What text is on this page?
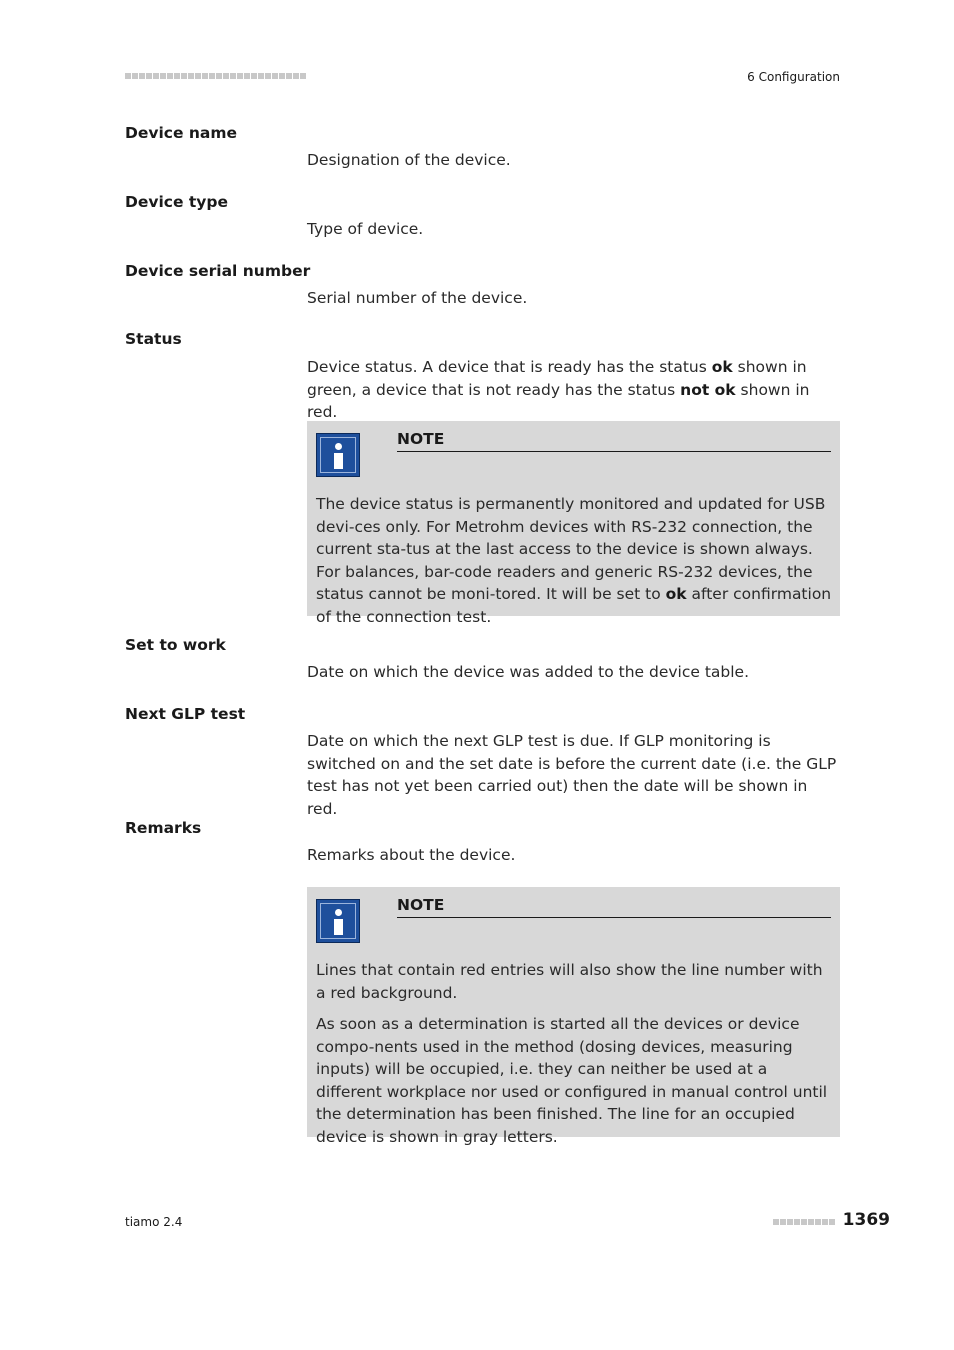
6 Configuration
Device name
Designation of the device.
Device type
Type of device.
Device serial number
Serial number of the device.
Status
Device status. A device that is ready has the status ok shown in green, a device that is not ready has the status not ok shown in red.
NOTE
The device status is permanently monitored and updated for USB devi-ces only. For Metrohm devices with RS-232 connection, the current sta-tus at the last access to the device is shown always. For balances, bar-code readers and generic RS-232 devices, the status cannot be moni-tored. It will be set to ok after confirmation of the connection test.
Set to work
Date on which the device was added to the device table.
Next GLP test
Date on which the next GLP test is due. If GLP monitoring is switched on and the set date is before the current date (i.e. the GLP test has not yet been carried out) then the date will be shown in red.
Remarks
Remarks about the device.
NOTE

Lines that contain red entries will also show the line number with a red background.

As soon as a determination is started all the devices or device compo-nents used in the method (dosing devices, measuring inputs) will be occupied, i.e. they can neither be used at a different workplace nor used or configured in manual control until the determination has been finished. The line for an occupied device is shown in gray letters.

tiamo 2.4	1369
